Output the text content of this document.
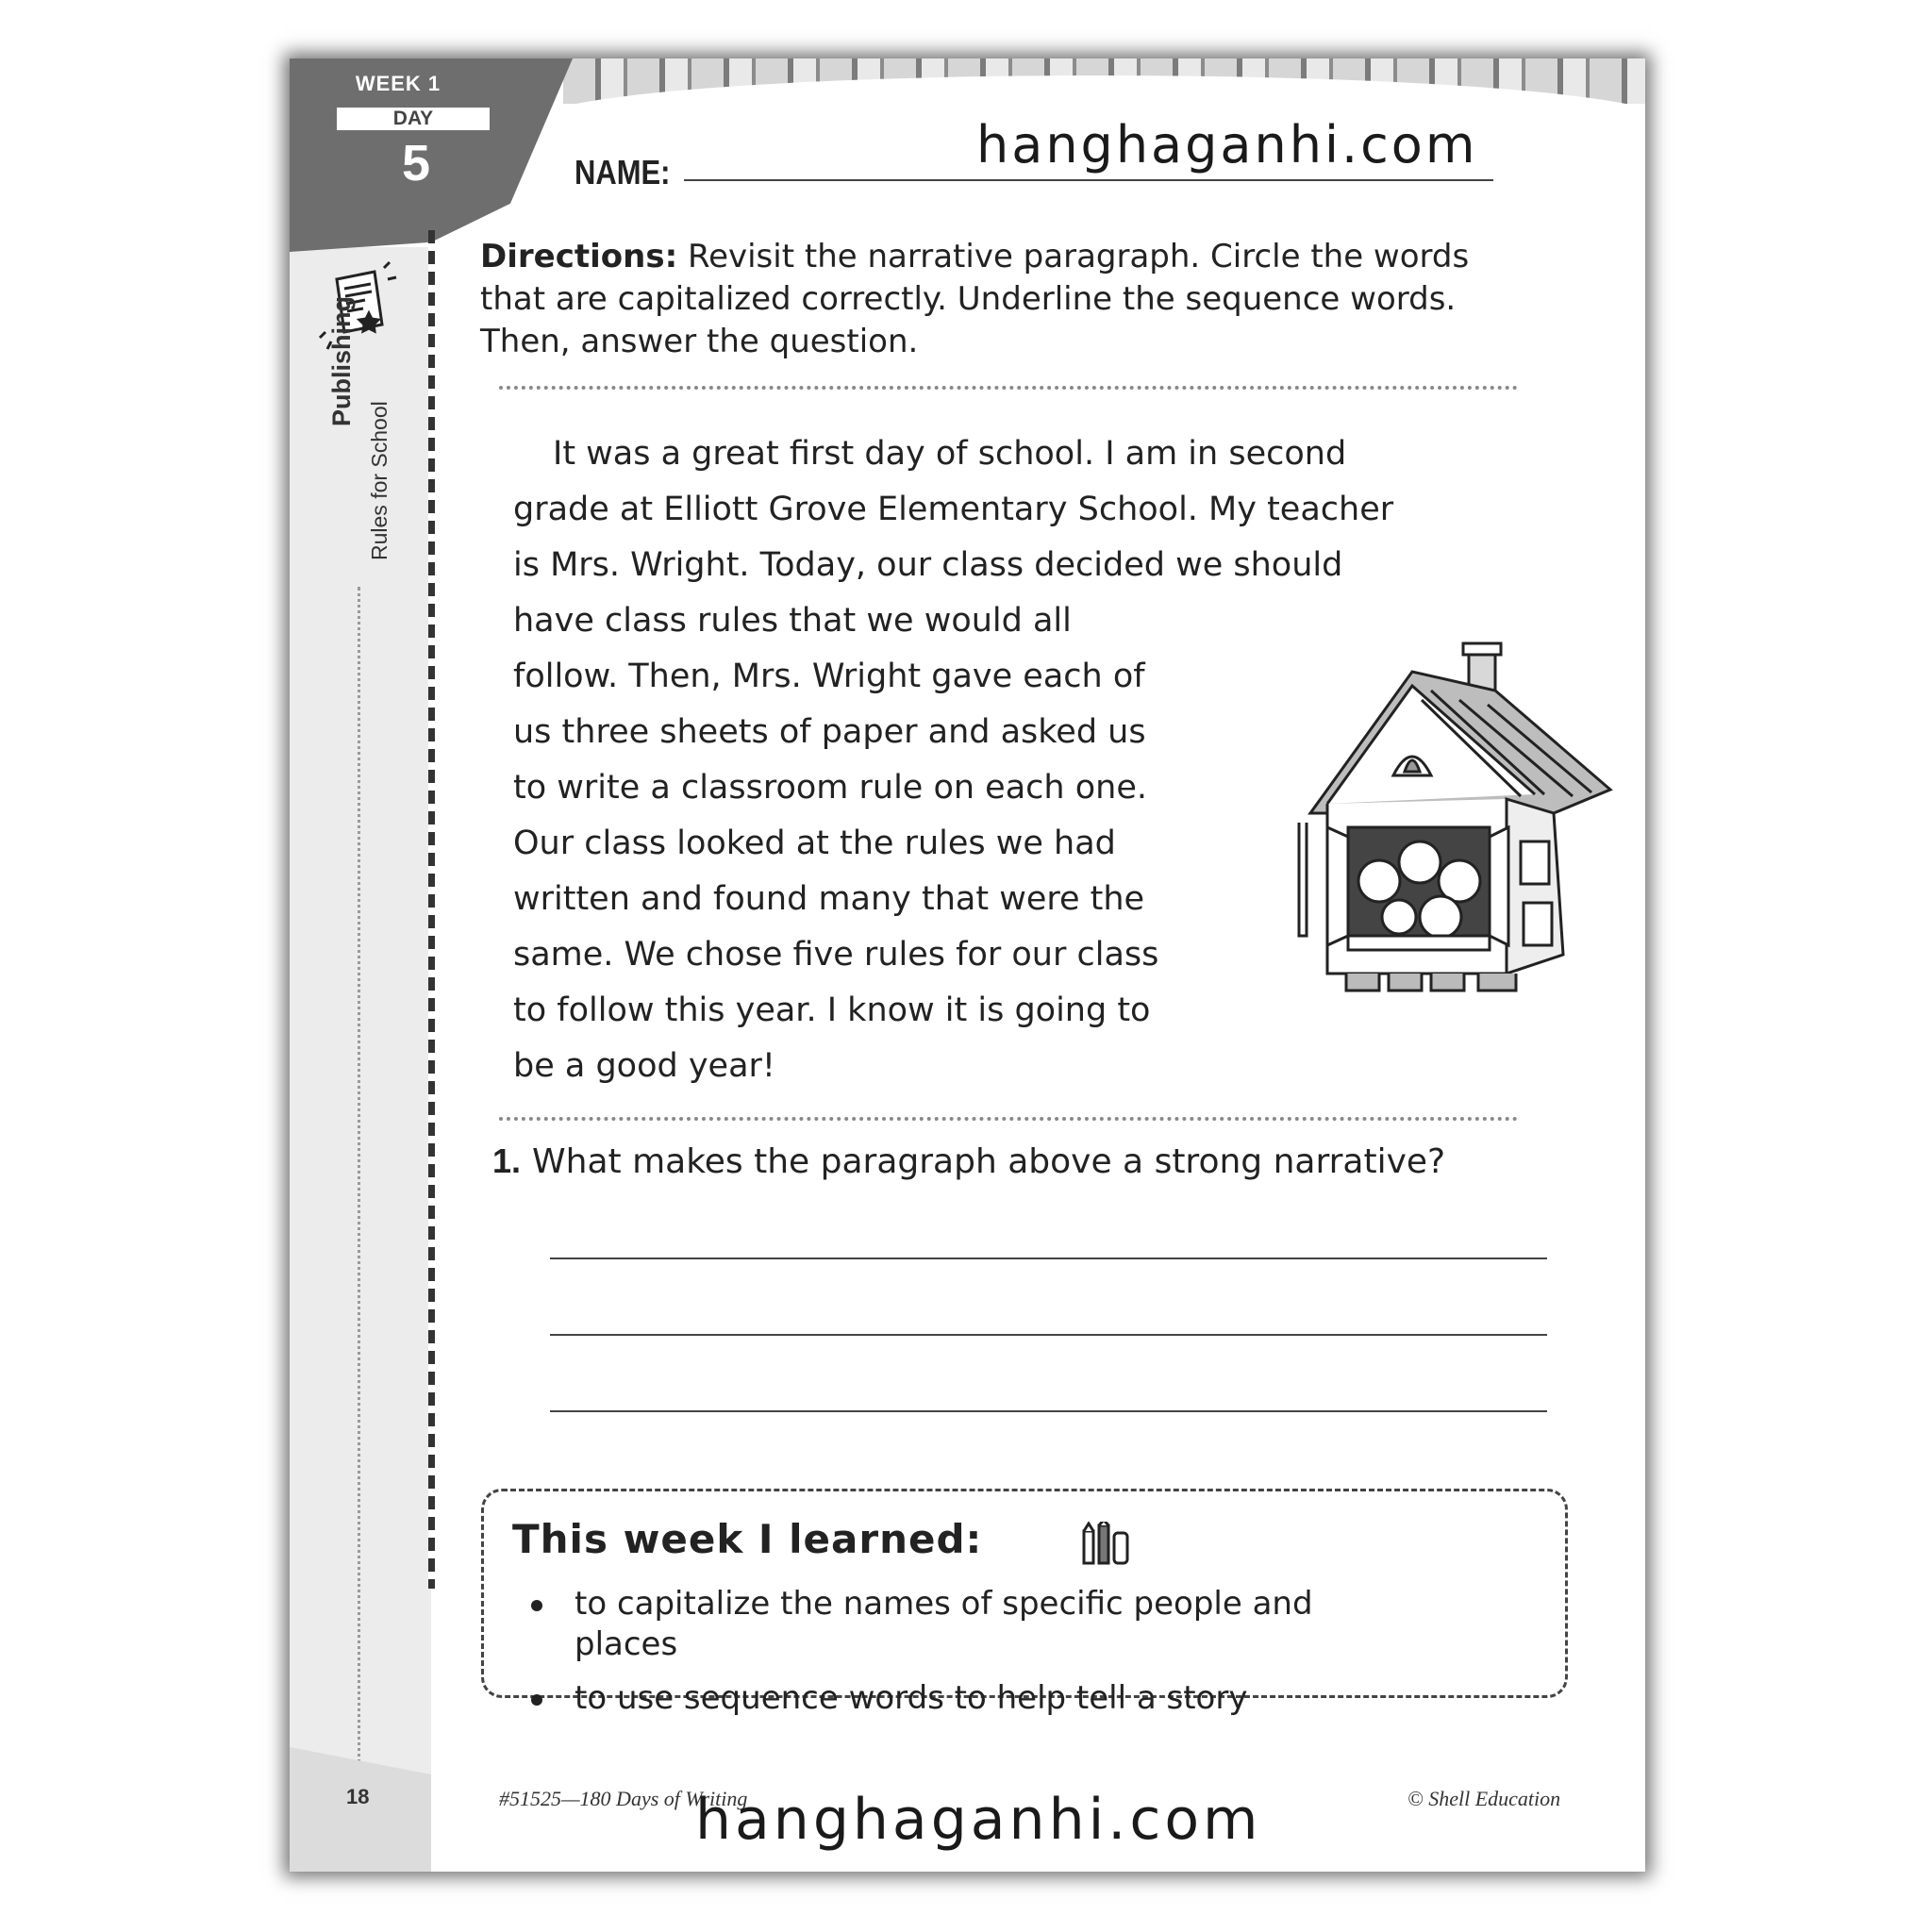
WEEK 1
DAY
5
Publishing
Rules for School
18
NAME:	hanghaganhi.com
Directions: Revisit the narrative paragraph. Circle the words that are capitalized correctly. Underline the sequence words. Then, answer the question.
It was a great first day of school. I am in second
grade at Elliott Grove Elementary School. My teacher
is Mrs. Wright. Today, our class decided we should
have class rules that we would all
follow. Then, Mrs. Wright gave each of
us three sheets of paper and asked us
to write a classroom rule on each one.
Our class looked at the rules we had
written and found many that were the
same. We chose five rules for our class
to follow this year. I know it is going to
be a good year!
1. What makes the paragraph above a strong narrative?
This week I learned:
to capitalize the names of specific people and places
to use sequence words to help tell a story
#51525—180 Days of Writing	© Shell Education
hanghaganhi.com
